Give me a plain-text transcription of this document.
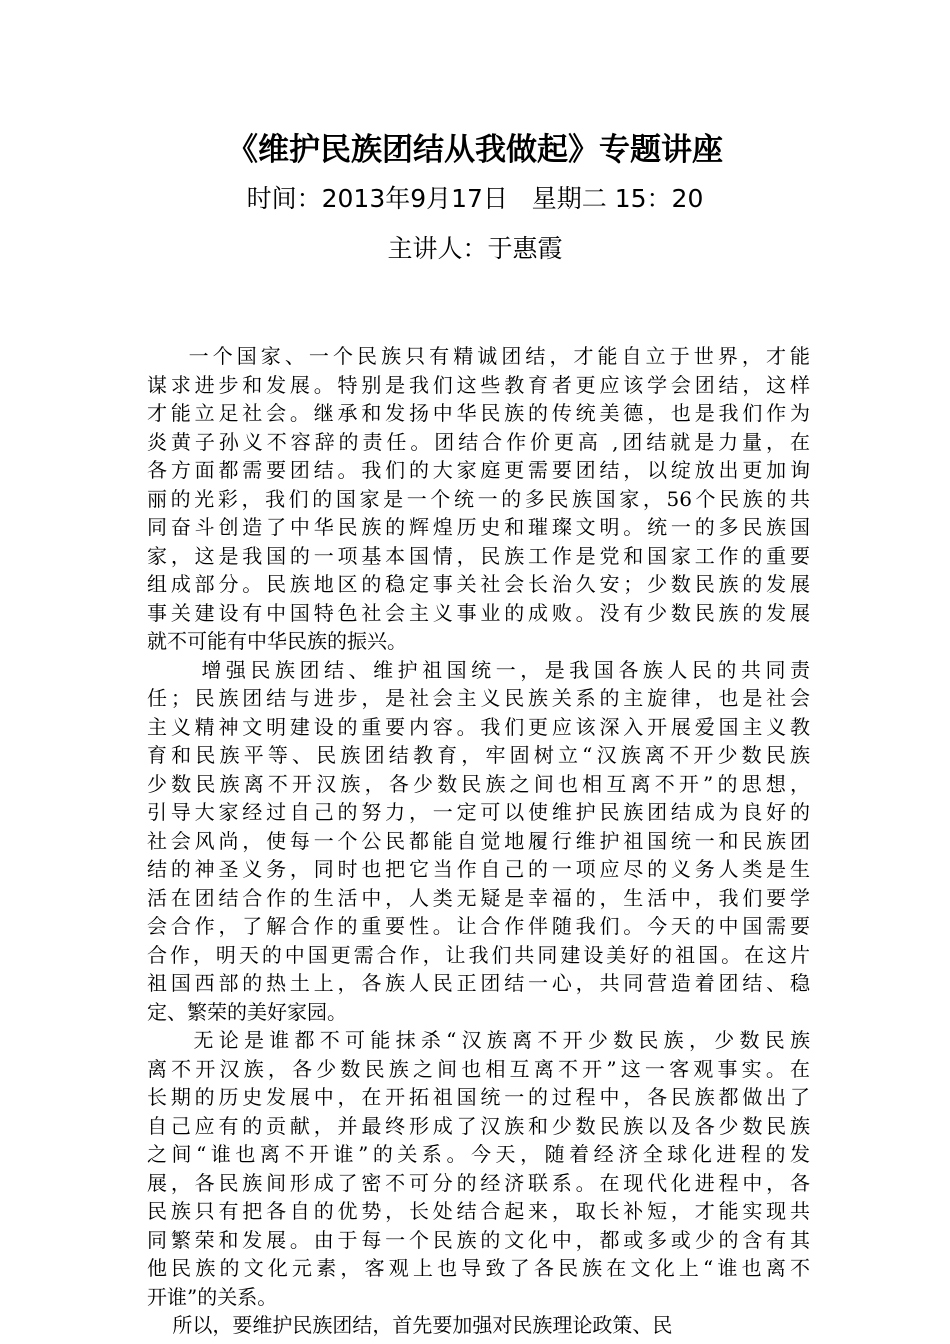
《维护民族团结从我做起》专题讲座
时间：2013年9月17日   星期二 15：20
主讲人：于惠霞
一个国家、一个民族只有精诚团结，才能自立于世界，才能
谋求进步和发展。特别是我们这些教育者更应该学会团结，这样
才能立足社会。继承和发扬中华民族的传统美德，也是我们作为
炎黄子孙义不容辞的责任。团结合作价更高 ,团结就是力量，在
各方面都需要团结。我们的大家庭更需要团结，以绽放出更加询
丽的光彩，我们的国家是一个统一的多民族国家，56个民族的共
同奋斗创造了中华民族的辉煌历史和璀璨文明。统一的多民族国
家，这是我国的一项基本国情，民族工作是党和国家工作的重要
组成部分。民族地区的稳定事关社会长治久安；少数民族的发展
事关建设有中国特色社会主义事业的成败。没有少数民族的发展
就不可能有中华民族的振兴。
增强民族团结、维护祖国统一，是我国各族人民的共同责
任；民族团结与进步，是社会主义民族关系的主旋律，也是社会
主义精神文明建设的重要内容。我们更应该深入开展爱国主义教
育和民族平等、民族团结教育，牢固树立“汉族离不开少数民族
少数民族离不开汉族，各少数民族之间也相互离不开”的思想，
引导大家经过自己的努力，一定可以使维护民族团结成为良好的
社会风尚，使每一个公民都能自觉地履行维护祖国统一和民族团
结的神圣义务，同时也把它当作自己的一项应尽的义务人类是生
活在团结合作的生活中，人类无疑是幸福的，生活中，我们要学
会合作，了解合作的重要性。让合作伴随我们。今天的中国需要
合作，明天的中国更需合作，让我们共同建设美好的祖国。在这片
祖国西部的热土上，各族人民正团结一心，共同营造着团结、稳
定、繁荣的美好家园。
无论是谁都不可能抹杀“汉族离不开少数民族，少数民族
离不开汉族，各少数民族之间也相互离不开”这一客观事实。在
长期的历史发展中，在开拓祖国统一的过程中，各民族都做出了
自己应有的贡献，并最终形成了汉族和少数民族以及各少数民族
之间“谁也离不开谁”的关系。今天，随着经济全球化进程的发
展，各民族间形成了密不可分的经济联系。在现代化进程中，各
民族只有把各自的优势，长处结合起来，取长补短，才能实现共
同繁荣和发展。由于每一个民族的文化中，都或多或少的含有其
他民族的文化元素，客观上也导致了各民族在文化上“谁也离不
开谁”的关系。
所以，要维护民族团结，首先要加强对民族理论政策、民
